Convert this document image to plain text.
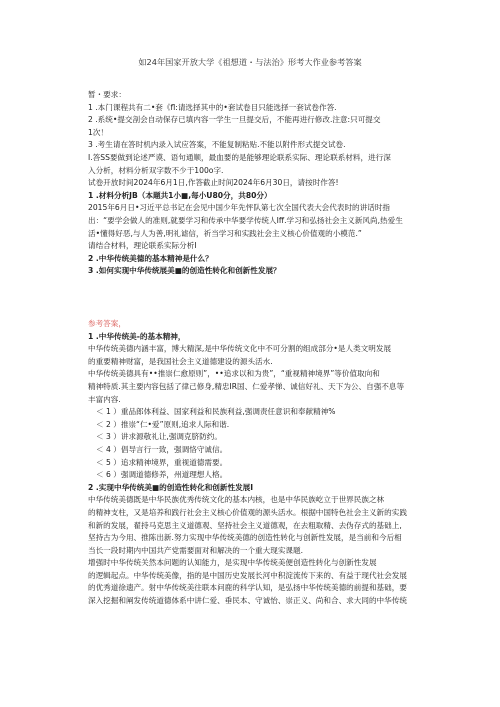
如24年国家开放大学《祖想道・与法治》形考大作业参考答案
暂・要求：
1 .本门课程共有二•套《fl:请选择其中的•套试卷目只能选择一套试卷作答.
2 .系统•提交剖会自动保存已填内容一学生一旦提交后，不能再进行修改.注意:只可提交
1次！
3 .考生请在答时机内录入试应答案，不能复制粘贴.不能以附件形式提交试卷.
I.答SS要做到论述严谟、语句通顺，最血要的是能够理论联系实际、理论联系材料，进行深
入分析，材料分析双字数不少于100o字.
试卷开放时间2024年6月1日,作答截止时间2024年6月30日，请按时作答!
1 .材料分析JB（本题共1小■,每小U80分，共80分）
2015年6月日•习近平总书记在会见中国少年先怦队第七次全国代表大会代表时的讲话时指
出：“要学会做人的准则,就要学习和传承中华要学传统人Iff.学习和弘扬社会主义新风尚,热爱生
活•懂得好恶,与人为善,明礼谑信，祈当学习和实践社会主义核心价值观的小模范.”
请结合材料，理论联系实际分析I
2 .中华传统美德的基本精神是什么？
3 .如何实现中华传统展美■的创造性转化和创新性发展？
参考答案，
1 .中华传统美-的基本精神，
中华传统美德内涵丰富，博大精深,是中华传统文化中不可分割的组成部分•是人类文明发展
的重要精神财富，是我国社会主义道德建设的源头活水.
中华传统美德具有••推崇仁愈原则”，••追求以和为贵”，“重视精神境界”等价值取向和
精神特质.其主要内容包括了律己修身,精忠IR国、仁爱孝悌、诚信好礼、天下为公、自强不息等
丰富内容.
＜ 1 ）重品郎体利益、国家利益和民族利益,强调责任意识和奉献精神%
＜ 2 ）推崇“仁•爱”原则,追求人际和谐.
＜ 3 ）讲求源敬礼让,强调克脐防约。
＜ 4 ）倡导言行一致，强调恪守诚信。
＜ 5 ）追求精神境界，重视道德需要。
＜ 6 ）强调道德修养，州道理想人格。
2 .实现中华传统美■的创造性转化和创新性发展I
中华传统美德既是中华民族优秀传统文化的基本内核，也是中华民族屹立于世界民族之林
的精神支柱，又是培养和践行社会主义核心价值观的源头活水。根据中国特色社会主义新的实践
和新的发展，翟持马克思主义道德观、坚持社会主义道德观，在去粗取精、去伪存式的基础上,
坚持古为今用、推陈出新.努力实现中华传统美德的创造性转化与创新性发展，是当前和今后相
当长一段时期内中国共产党需要面对和解决的一个重大现实课题.
增强时中华传统关然本问题的认知能力，是实现中华传统美便创造性转化与创新性发展
的逻辑起点。中华传统美像，指的是中国历史发展长河中积淀流传下来的、有益于现代社会发展
的优秀道徐遗产。射中华传统美往联本问鹿的科学认知，是弘扬中华传统美德的前提和基础，要
深入挖掘和阐发传统道德体系中讲仁爱、垂民本、守诚怡、崇正义、尚和合、求大同的中华传统
